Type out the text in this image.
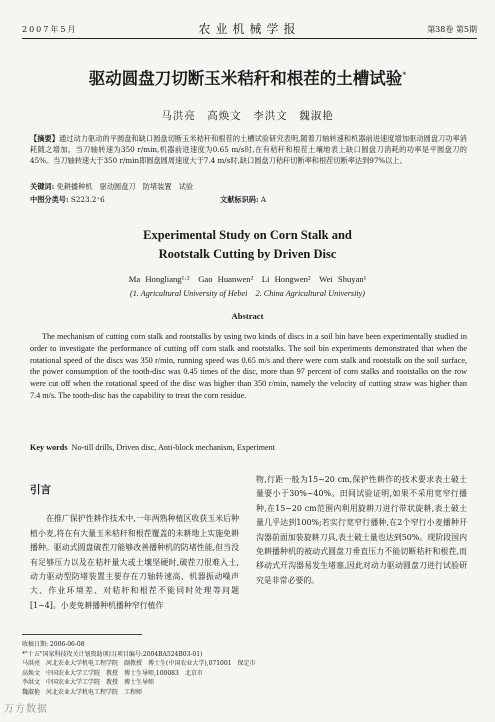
2007年5月	农业机械学报	第38卷 第5期
驱动圆盘刀切断玉米秸秆和根茬的土槽试验*
马洪亮　高焕文　李洪文　魏淑艳
【摘要】通过动力驱动的平圆盘和缺口圆盘切断玉米秸秆和根茬的土槽试验研究表明,随着刀轴转速和机器前进速度增加驱动圆盘刀功率消耗随之增加。当刀轴转速为350 r/min,机器前进速度为0.65 m/s时,在有秸秆和根茬土壤地表上缺口圆盘刀消耗的功率是平圆盘刀的45%。当刀轴转速大于350 r/min即圆盘圆周速度大于7.4 m/s时,缺口圆盘刀秸秆切断率和根茬切断率达到97%以上。
关键词: 免耕播种机　驱动圆盘刀　防堵装置　试验
中图分类号: S223.2⁺6	文献标识码: A
Experimental Study on Corn Stalk and
Rootstalk Cutting by Driven Disc
Ma Hongliang¹·²　Gao Huanwen²　Li Hongwen²　Wei Shuyan¹
(1. Agricultural University of Hebei　2. China Agricultural University)
Abstract
The mechanism of cutting corn stalk and rootstalks by using two kinds of discs in a soil bin have been experimentally studied in order to investigate the performance of cutting off corn stalk and rootstalks. The soil bin experiments demonstrated that when the rotational speed of the discs was 350 r/min, running speed was 0.65 m/s and there were corn stalk and rootstalk on the soil surface, the power consumption of the tooth-disc was 0.45 times of the disc, more than 97 percent of corn stalks and rootstalks on the row were cut off when the rotational speed of the disc was higher than 350 r/min, namely the velocity of cutting straw was higher than 7.4 m/s. The tooth-disc has the capability to treat the corn residue.
Key words No-till drills, Driven disc, Anti-block mechanism, Experiment
引言

在推广保护性耕作技术中,一年两熟种植区收获玉米后种植小麦,将在有大量玉米秸秆和根茬覆盖的未耕地上实施免耕播种。驱动式圆盘破茬刀能够改善播种机的防堵性能,但当没有足够压力以及在秸秆量大或土壤坚硬时,破茬刀很难入土,动力驱动型防堵装置主要存在刀轴转速高、机器振动噪声大、作业环境差、对秸秆和根茬不能同时处理等问题[1~4]。小麦免耕播种机播种窄行植作

物,行距一般为15~20 cm,保护性耕作的技术要求表土破土量要小于30%~40%。田间试验证明,如果不采用宽窄行播种,在15~20 cm范围内利用旋耕刀进行带状旋耕,表土破土量几乎达到100%;若实行宽窄行播种,在2个窄行小麦播种开沟器前面加装旋耕刀具,表土破土量也达到50%。现阶段国内免耕播种机的被动式圆盘刀垂直压力不能切断秸秆和根茬,而移动式开沟器易发生堵塞,因此对动力驱动圆盘刀进行试验研究是非常必要的。

收稿日期: 2006-06-08
*"十五"国家科技攻关计划资助项目(项目编号:2004BA524B03-01)
马洪亮　河北农业大学机电工程学院　副教授　博士生(中国农业大学),071001　保定市
高焕文　中国农业大学工学院　教授　博士生导师,100083　北京市
李洪文　中国农业大学工学院　教授　博士生导师
魏淑艳　河北农业大学机电工程学院　工程师
万方数据
